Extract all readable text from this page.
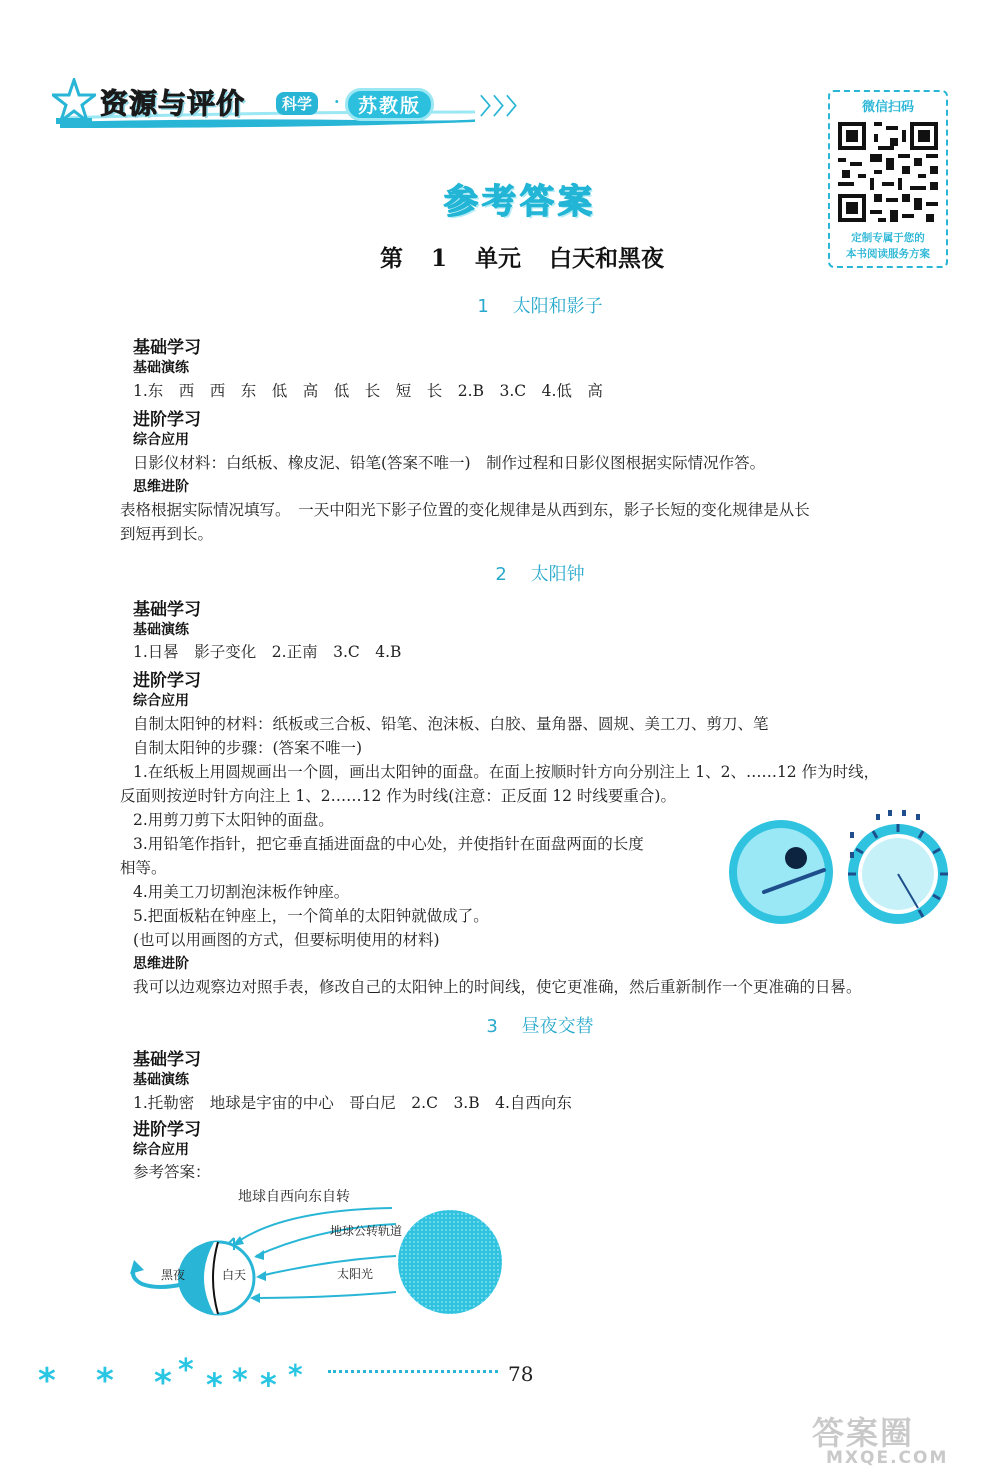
资源与评价	科学	· 苏教版	〉〉〉	微信扫码
定制专属于您的
本书阅读服务方案
参考答案
第 1 单元 白天和黑夜
1 太阳和影子
基础学习
基础演练
1.东　西　西　东　低　高　低　长　短　长　2.B　3.C　4.低　高
进阶学习
综合应用
日影仪材料：白纸板、橡皮泥、铅笔(答案不唯一)　制作过程和日影仪图根据实际情况作答。
思维进阶
表格根据实际情况填写。　一天中阳光下影子位置的变化规律是从西到东，影子长短的变化规律是从长
到短再到长。
2 太阳钟
基础学习
基础演练
1.日晷　影子变化　2.正南　3.C　4.B
进阶学习
综合应用
自制太阳钟的材料：纸板或三合板、铅笔、泡沫板、白胶、量角器、圆规、美工刀、剪刀、笔
自制太阳钟的步骤：(答案不唯一)
1.在纸板上用圆规画出一个圆，画出太阳钟的面盘。在面上按顺时针方向分别注上 1、2、……12 作为时线，
反面则按逆时针方向注上 1、2……12 作为时线(注意：正反面 12 时线要重合)。
2.用剪刀剪下太阳钟的面盘。
3.用铅笔作指针，把它垂直插进面盘的中心处，并使指针在面盘两面的长度
相等。
4.用美工刀切割泡沫板作钟座。
5.把面板粘在钟座上，一个简单的太阳钟就做成了。
(也可以用画图的方式，但要标明使用的材料)
思维进阶
我可以边观察边对照手表，修改自己的太阳钟上的时间线，使它更准确，然后重新制作一个更准确的日晷。
3 昼夜交替
基础学习
基础演练
1.托勒密　地球是宇宙的中心　哥白尼　2.C　3.B　4.自西向东
进阶学习
综合应用
参考答案：
地球自西向东自转
地球公转轨道
太阳光
黑夜	白天
* * * * * * * *	78
答案圈
MXQE.COM
